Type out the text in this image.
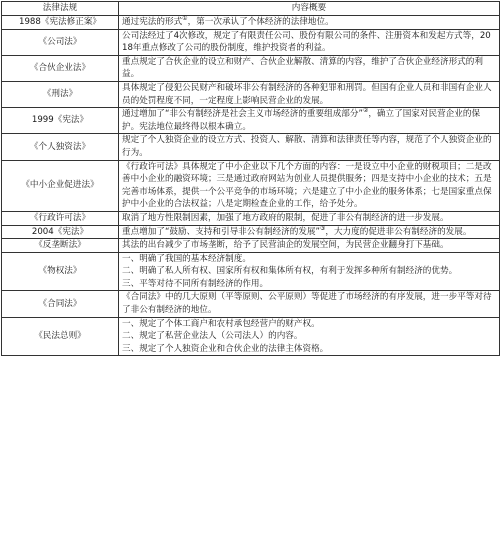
法律法规	内容概要
1988《宪法修正案》	通过宪法的形式①，第一次承认了个体经济的法律地位。
《公司法》	公司法经过了4次修改，规定了有限责任公司、股份有限公司的条件、注册资本和发起方式等，2018年重点修改了公司的股份制度，维护投资者的利益。
《合伙企业法》	重点规定了合伙企业的设立和财产、合伙企业解散、清算的内容，维护了合伙企业经济形式的利益。
《刑法》	具体规定了侵犯公民财产和破坏非公有制经济的各种犯罪和刑罚。但国有企业人员和非国有企业人员的处罚程度不同，一定程度上影响民营企业的发展。
1999《宪法》	通过增加了“非公有制经济是社会主义市场经济的重要组成部分”②，确立了国家对民营企业的保护。宪法地位最终得以根本确立。
《个人独资法》	规定了个人独资企业的设立方式、投资人、解散、清算和法律责任等内容，规范了个人独资企业的行为。
《中小企业促进法》	《行政许可法》具体规定了中小企业以下几个方面的内容：一是设立中小企业的财税项目；二是改善中小企业的融资环境；三是通过政府网站为创业人员提供服务；四是支持中小企业的技术；五是完善市场体系，提供一个公平竞争的市场环境；六是建立了中小企业的服务体系；七是国家重点保护中小企业的合法权益；八是定期检查企业的工作，给予处分。
《行政许可法》	取消了地方性限制因素，加强了地方政府的限制，促进了非公有制经济的进一步发展。
2004《宪法》	重点增加了“鼓励、支持和引导非公有制经济的发展”③，大力度的促进非公有制经济的发展。
《反垄断法》	其法的出台减少了市场垄断，给予了民营油企的发展空间，为民营企业翻身打下基础。
《物权法》	一、明确了我国的基本经济制度。
二、明确了私人所有权、国家所有权和集体所有权，有利于发挥多种所有制经济的优势。
三、平等对待不同所有制经济的作用。

《合同法》	《合同法》中的几大原则（平等原则、公平原则）等促进了市场经济的有序发展，进一步平等对待了非公有制经济的地位。
《民法总则》	一、规定了个体工商户和农村承包经营户的财产权。
二、规定了私营企业法人（公司法人）的内容。
三、规定了个人独资企业和合伙企业的法律主体资格。
